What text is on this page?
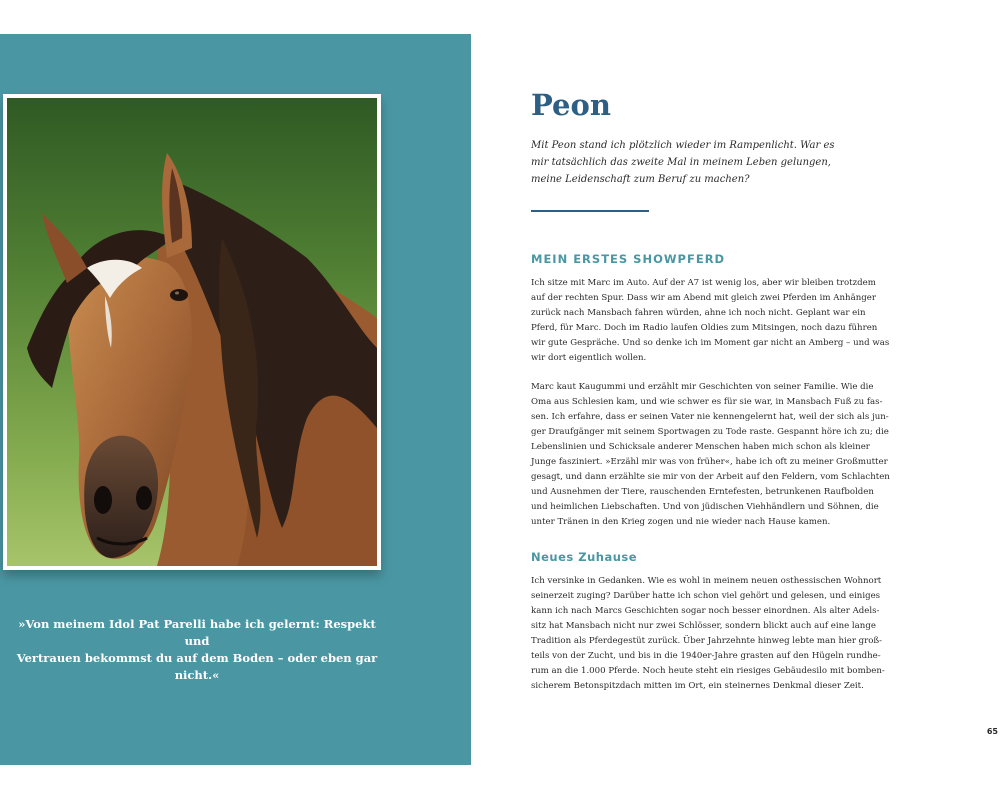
»Von meinem Idol Pat Parelli habe ich gelernt: Respekt und
Vertrauen bekommst du auf dem Boden – oder eben gar nicht.«
Peon
Mit Peon stand ich plötzlich wieder im Rampenlicht. War es
mir tatsächlich das zweite Mal in meinem Leben gelungen,
meine Leidenschaft zum Beruf zu machen?
MEIN ERSTES SHOWPFERD
Ich sitze mit Marc im Auto. Auf der A7 ist wenig los, aber wir bleiben trotzdem
auf der rechten Spur. Dass wir am Abend mit gleich zwei Pferden im Anhänger
zurück nach Mansbach fahren würden, ahne ich noch nicht. Geplant war ein
Pferd, für Marc. Doch im Radio laufen Oldies zum Mitsingen, noch dazu führen
wir gute Gespräche. Und so denke ich im Moment gar nicht an Amberg – und was
wir dort eigentlich wollen.
Marc kaut Kaugummi und erzählt mir Geschichten von seiner Familie. Wie die
Oma aus Schlesien kam, und wie schwer es für sie war, in Mansbach Fuß zu fas-
sen. Ich erfahre, dass er seinen Vater nie kennengelernt hat, weil der sich als jun-
ger Draufgänger mit seinem Sportwagen zu Tode raste. Gespannt höre ich zu; die
Lebenslinien und Schicksale anderer Menschen haben mich schon als kleiner
Junge fasziniert. »Erzähl mir was von früher«, habe ich oft zu meiner Großmutter
gesagt, und dann erzählte sie mir von der Arbeit auf den Feldern, vom Schlachten
und Ausnehmen der Tiere, rauschenden Erntefesten, betrunkenen Raufbolden
und heimlichen Liebschaften. Und von jüdischen Viehhändlern und Söhnen, die
unter Tränen in den Krieg zogen und nie wieder nach Hause kamen.
Neues Zuhause
Ich versinke in Gedanken. Wie es wohl in meinem neuen osthessischen Wohnort
seinerzeit zuging? Darüber hatte ich schon viel gehört und gelesen, und einiges
kann ich nach Marcs Geschichten sogar noch besser einordnen. Als alter Adels-
sitz hat Mansbach nicht nur zwei Schlösser, sondern blickt auch auf eine lange
Tradition als Pferdegestüt zurück. Über Jahrzehnte hinweg lebte man hier groß-
teils von der Zucht, und bis in die 1940er-Jahre grasten auf den Hügeln rundhe-
rum an die 1.000 Pferde. Noch heute steht ein riesiges Gebäudesilo mit bomben-
sicherem Betonspitzdach mitten im Ort, ein steinernes Denkmal dieser Zeit.
65
